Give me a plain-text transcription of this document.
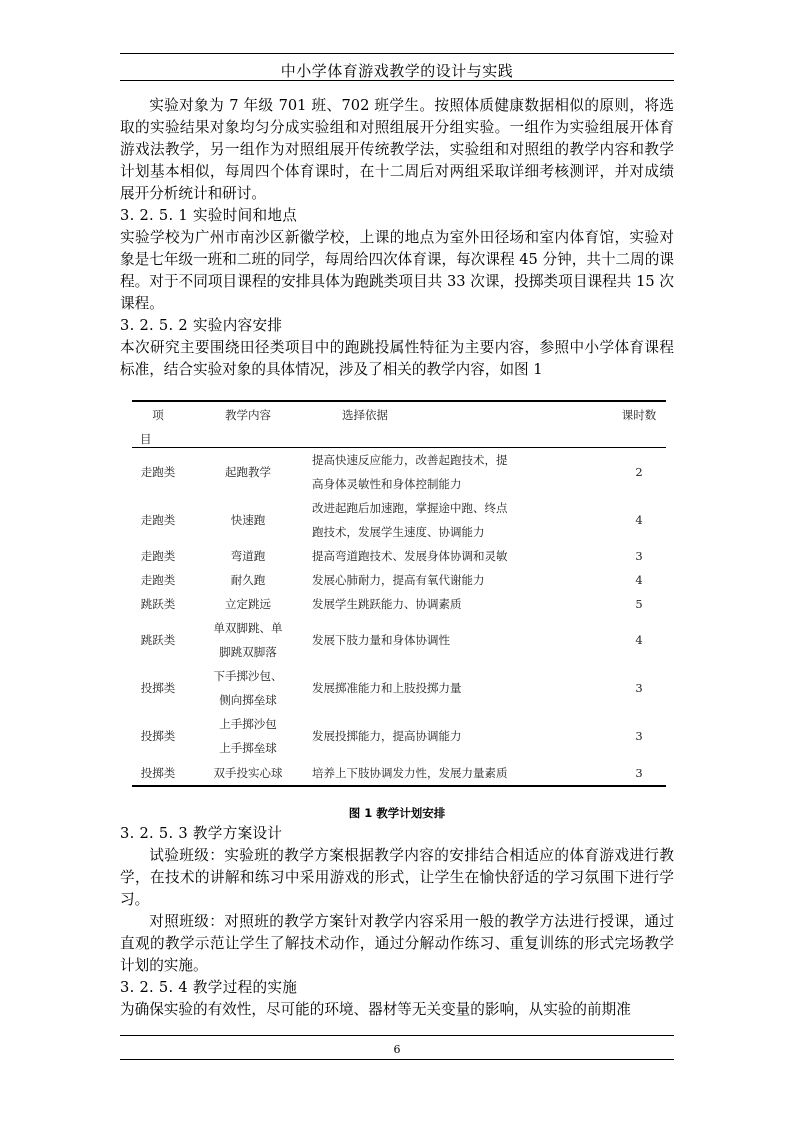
中小学体育游戏教学的设计与实践

实验对象为 7 年级 701 班、702 班学生。按照体质健康数据相似的原则，将选取的实验结果对象均匀分成实验组和对照组展开分组实验。一组作为实验组展开体育游戏法教学，另一组作为对照组展开传统教学法，实验组和对照组的教学内容和教学计划基本相似，每周四个体育课时，在十二周后对两组采取详细考核测评，并对成绩展开分析统计和研讨。

3. 2. 5. 1 实验时间和地点

实验学校为广州市南沙区新徽学校，上课的地点为室外田径场和室内体育馆，实验对象是七年级一班和二班的同学，每周给四次体育课，每次课程 45 分钟，共十二周的课程。对于不同项目课程的安排具体为跑跳类项目共 33 次课，投掷类项目课程共 15 次课程。

3. 2. 5. 2 实验内容安排

本次研究主要围绕田径类项目中的跑跳投属性特征为主要内容，参照中小学体育课程标准，结合实验对象的具体情况，涉及了相关的教学内容，如图 1

项
目	教学内容	选择依据	课时数
走跑类	起跑教学	提高快速反应能力，改善起跑技术，提
高身体灵敏性和身体控制能力	2
走跑类	快速跑	改进起跑后加速跑，掌握途中跑、终点
跑技术，发展学生速度、协调能力	4
走跑类	弯道跑	提高弯道跑技术、发展身体协调和灵敏	3
走跑类	耐久跑	发展心肺耐力，提高有氧代谢能力	4
跳跃类	立定跳远	发展学生跳跃能力、协调素质	5
跳跃类	单双脚跳、单
脚跳双脚落	发展下肢力量和身体协调性	4
投掷类	下手掷沙包、
侧向掷垒球	发展掷准能力和上肢投掷力量	3
投掷类	上手掷沙包
上手掷垒球	发展投掷能力，提高协调能力	3
投掷类	双手投实心球	培养上下肢协调发力性，发展力量素质	3
图 1 教学计划安排

3. 2. 5. 3 教学方案设计

试验班级：实验班的教学方案根据教学内容的安排结合相适应的体育游戏进行教学，在技术的讲解和练习中采用游戏的形式，让学生在愉快舒适的学习氛围下进行学习。

对照班级：对照班的教学方案针对教学内容采用一般的教学方法进行授课，通过直观的教学示范让学生了解技术动作，通过分解动作练习、重复训练的形式完场教学计划的实施。

3. 2. 5. 4 教学过程的实施

为确保实验的有效性，尽可能的环境、器材等无关变量的影响，从实验的前期准

6
